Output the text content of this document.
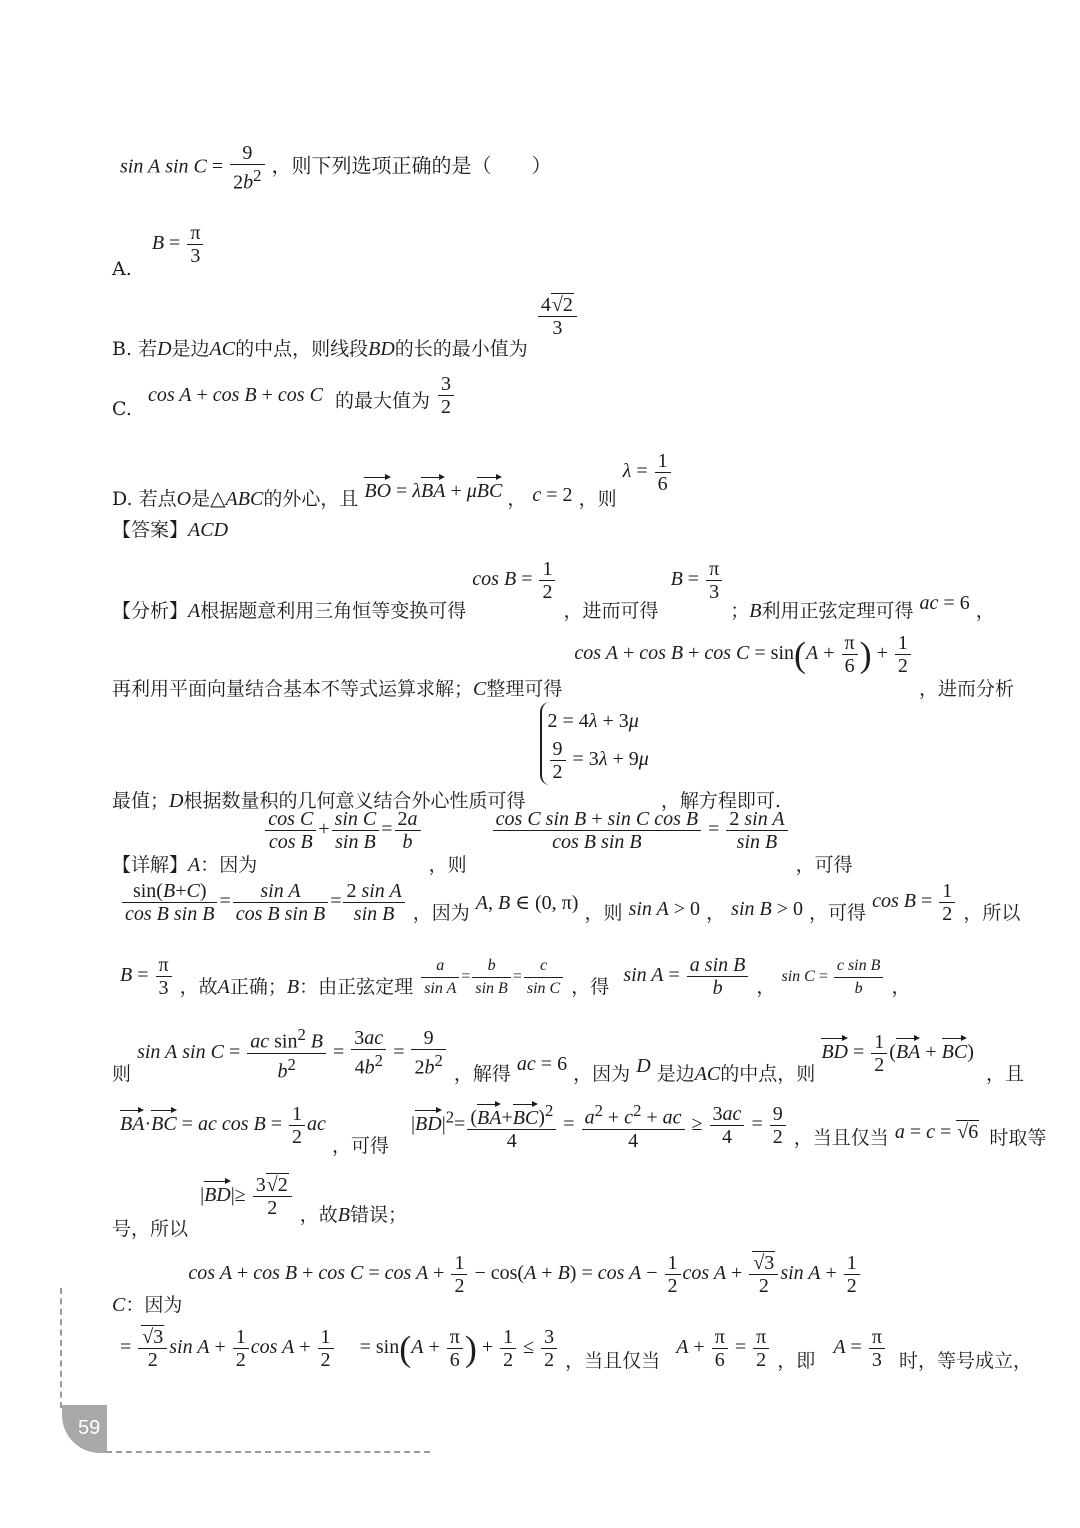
sin A $\sin C = \frac{9}{2b^2}$ ，则下列选项正确的是（　　）
A. $B = \frac{\pi}{3}$
B. 若D是边AC的中点，则线段BD的长的最小值为
$\frac{4√2}{3}$
C. cos A + cos B + cos C 的最大值为 $\frac{3}{2}$
D. 若点O是△ABC的外心，且 BO = λBA + μBC ， c = 2 ，则 $\lambda = \frac{1}{6}$
【答案】ACD
【分析】A根据题意利用三角恒等变换可得 $\cos B = \frac{1}{2}$
，进而可得 $B = \frac{\pi}{3}$
；B利用正弦定理可得 ac = 6 ，
再利用平面向量结合基本不等式运算求解；C整理可得 $\cos A + \cos B + \cos C = \sin(A + \frac{\pi}{6}$ ) + $\frac{1}{2}$
，进而分析
最值；D根据数量积的几何意义结合外心性质可得
2 = 4λ + 3μ
$\frac{9}{2} = 3\lambda + 9\mu$
，解方程即可.
【详解】A：因为
$\frac{\text{cos C}}{\text{cos B}} + \frac{\text{sin C}}{\text{sin B}} = \frac{2a}{b}$
，则
$\frac{\text{cos C sin B + sin C cos B}}{\text{cos B sin B}} = \frac{\text{2 sin A}}{\text{sin B}}$
，可得
$\frac{\sin(B+C)}{\text{cos B sin B}} = \frac{\text{sin A}}{\text{cos B sin B}} = \frac{\text{2 sin A}}{\text{sin B}}$ ，因为 A, B ∈ (0, π) ，则 sin A > 0 ， sin B > 0 ，可得 $\cos B = \frac{1}{2}$ ，所以
$B = \frac{\pi}{3}$ ，故A正确；B：由正弦定理 $\frac{a}{\text{sin A}} = \frac{b}{\text{sin B}} = \frac{c}{\text{sin C}}$ ，得 $\sin A = \frac{\text{a sin B}}{b}$ ， $\sin C = \frac{\text{c sin B}}{b}$ ，
则 sin A $\sin C = \frac{ac \sin^2 B}{b^2} = \frac{3ac}{4b^2} = \frac{9}{2b^2}$ ，解得 ac = 6 ，因为 D 是边AC的中点，则 BD = $\frac{1}{2} (BA + BC)$ ，且
BA·BC = ac $\cos B = \frac{1}{2}$ ac ，可得 $|BD|^2= \frac{(BA+BC)^2}{4} = \frac{a^2 + c^2 + ac}{4} \ge \frac{3ac}{4} = \frac{9}{2}$ ，当且仅当 a = c = √6 时取等
号，所以 $|BD|\ge \frac{3√2}{2}$ ，故B错误；
C：因为 $\cos A + \cos B + \cos C = \cos A + \frac{1}{2} - \cos(A + B) = \cos A - \frac{1}{2}$ $\cos A + \frac{√3}{2}$ $\sin A + \frac{1}{2}$
= $\frac{√3}{2}$ $\sin A + \frac{1}{2}$ $\cos A + \frac{1}{2} = \sin(A + \frac{\pi}{6}$ ) + $\frac{1}{2} \le \frac{3}{2}$ ，当且仅当 $A + \frac{\pi}{6} = \frac{\pi}{2}$ ，即 $A = \frac{\pi}{3}$ 时，等号成立，
59
